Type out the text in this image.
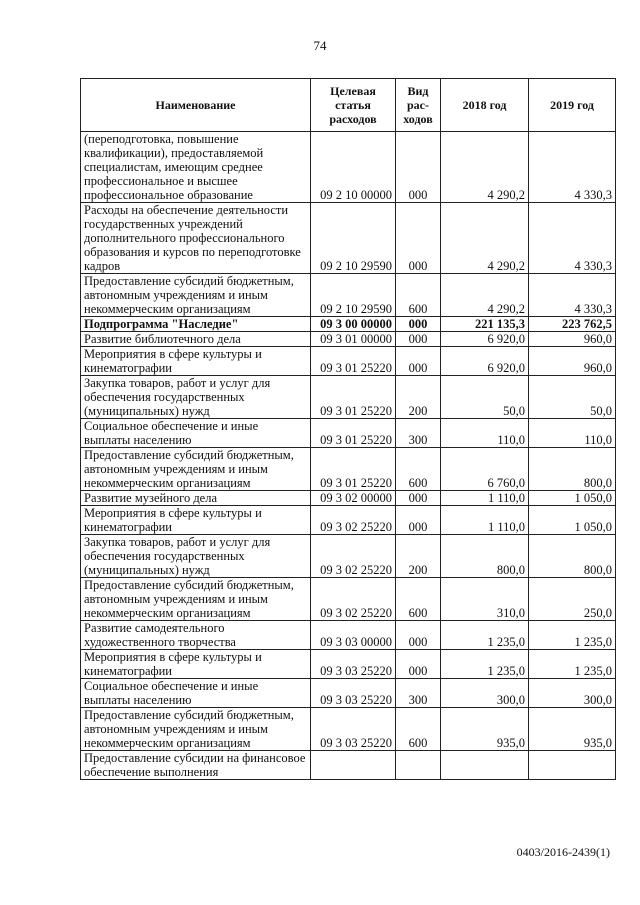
74
Наименование	Целевая статья расходов	Вид рас-ходов	2018 год	2019 год
(переподготовка, повышение квалификации), предоставляемой специалистам, имеющим среднее профессиональное и высшее профессиональное образование	09 2 10 00000	000	4 290,2	4 330,3
Расходы на обеспечение деятельности государственных учреждений дополнительного профессионального образования и курсов по переподготовке кадров	09 2 10 29590	000	4 290,2	4 330,3
Предоставление субсидий бюджетным, автономным учреждениям и иным некоммерческим организациям	09 2 10 29590	600	4 290,2	4 330,3
Подпрограмма "Наследие"	09 3 00 00000	000	221 135,3	223 762,5
Развитие библиотечного дела	09 3 01 00000	000	6 920,0	960,0
Мероприятия в сфере культуры и кинематографии	09 3 01 25220	000	6 920,0	960,0
Закупка товаров, работ и услуг для обеспечения государственных (муниципальных) нужд	09 3 01 25220	200	50,0	50,0
Социальное обеспечение и иные выплаты населению	09 3 01 25220	300	110,0	110,0
Предоставление субсидий бюджетным, автономным учреждениям и иным некоммерческим организациям	09 3 01 25220	600	6 760,0	800,0
Развитие музейного дела	09 3 02 00000	000	1 110,0	1 050,0
Мероприятия в сфере культуры и кинематографии	09 3 02 25220	000	1 110,0	1 050,0
Закупка товаров, работ и услуг для обеспечения государственных (муниципальных) нужд	09 3 02 25220	200	800,0	800,0
Предоставление субсидий бюджетным, автономным учреждениям и иным некоммерческим организациям	09 3 02 25220	600	310,0	250,0
Развитие самодеятельного художественного творчества	09 3 03 00000	000	1 235,0	1 235,0
Мероприятия в сфере культуры и кинематографии	09 3 03 25220	000	1 235,0	1 235,0
Социальное обеспечение и иные выплаты населению	09 3 03 25220	300	300,0	300,0
Предоставление субсидий бюджетным, автономным учреждениям и иным некоммерческим организациям	09 3 03 25220	600	935,0	935,0
Предоставление субсидии на финансовое обеспечение выполнения				
0403/2016-2439(1)
